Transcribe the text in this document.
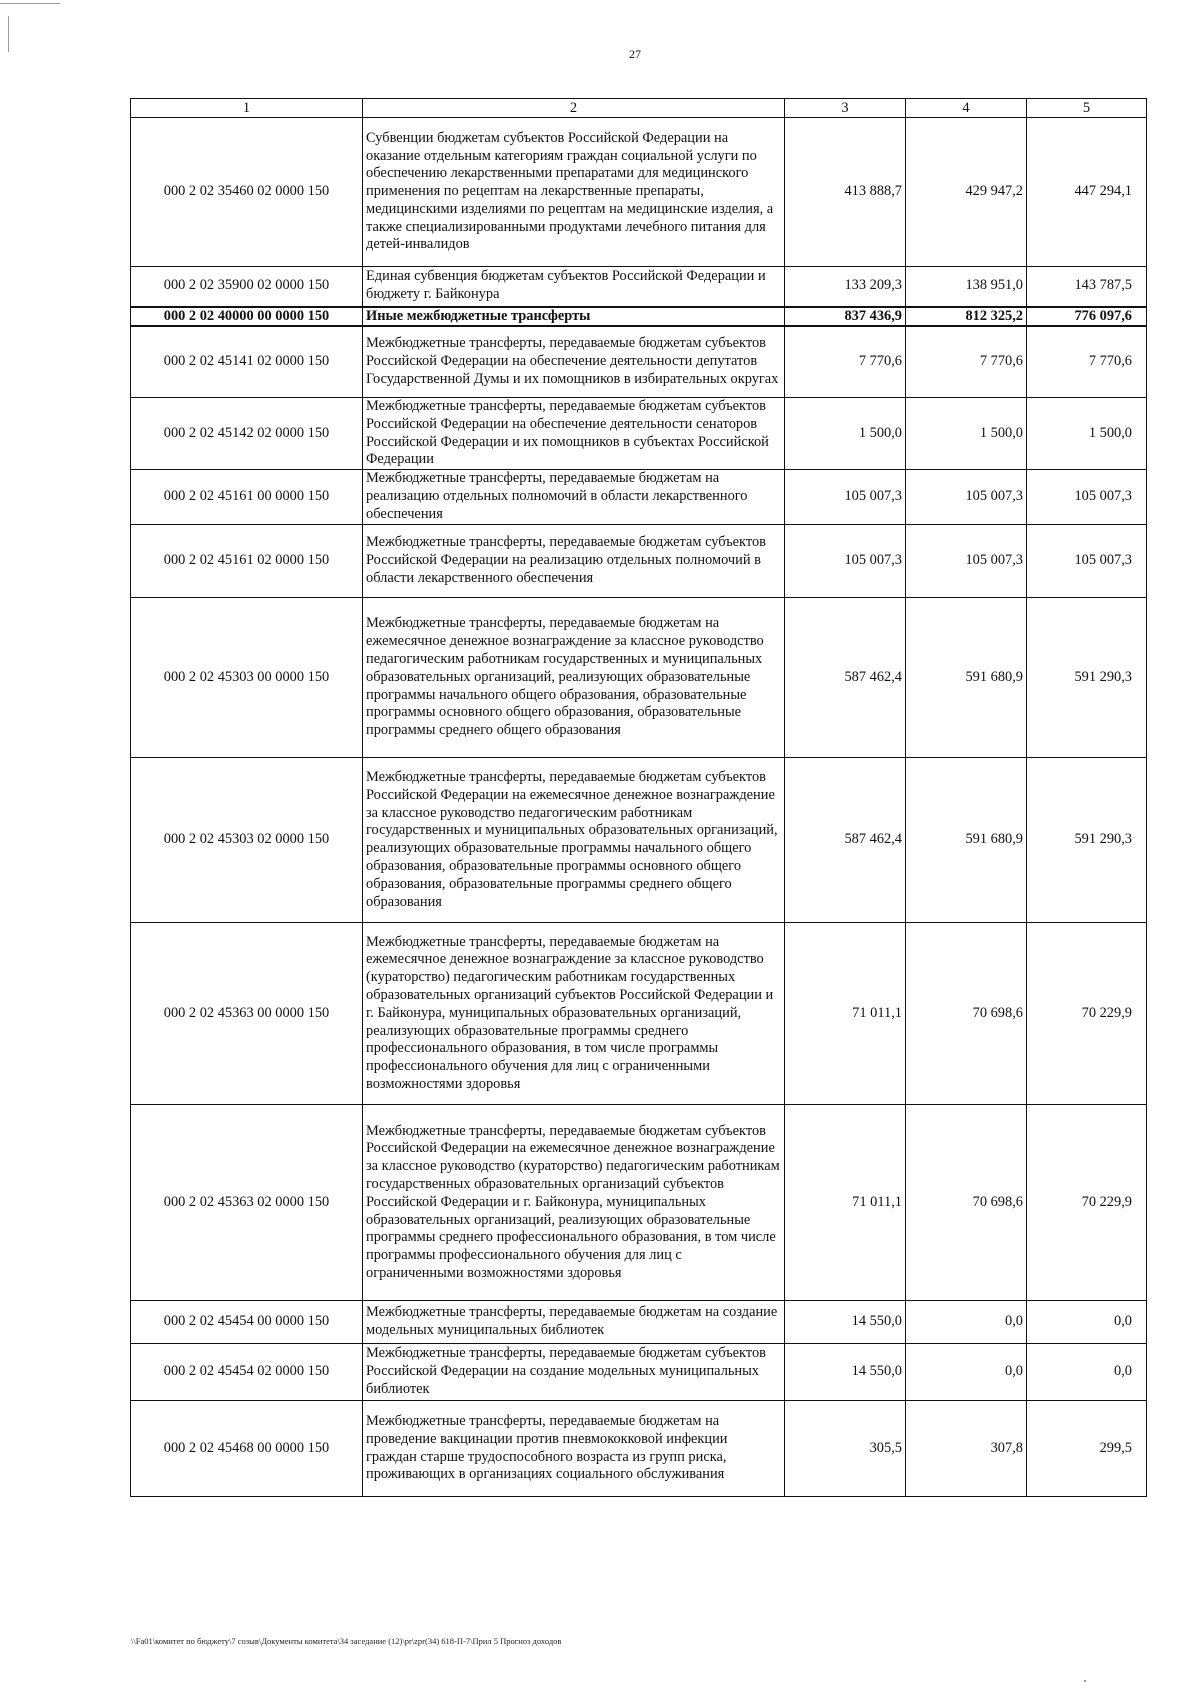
27
1	2	3	4	5
000 2 02 35460 02 0000 150	Субвенции бюджетам субъектов Российской Федерации на оказание отдельным категориям граждан социальной услуги по обеспечению лекарственными препаратами для медицинского применения по рецептам на лекарственные препараты, медицинскими изделиями по рецептам на медицинские изделия, а также специализированными продуктами лечебного питания для детей-инвалидов	413 888,7	429 947,2	447 294,1
000 2 02 35900 02 0000 150	Единая субвенция бюджетам субъектов Российской Федерации и бюджету г. Байконура	133 209,3	138 951,0	143 787,5
000 2 02 40000 00 0000 150	Иные межбюджетные трансферты	837 436,9	812 325,2	776 097,6
000 2 02 45141 02 0000 150	Межбюджетные трансферты, передаваемые бюджетам субъектов Российской Федерации на обеспечение деятельности депутатов Государственной Думы и их помощников в избирательных округах	7 770,6	7 770,6	7 770,6
000 2 02 45142 02 0000 150	Межбюджетные трансферты, передаваемые бюджетам субъектов Российской Федерации на обеспечение деятельности сенаторов Российской Федерации и их помощников в субъектах Российской Федерации	1 500,0	1 500,0	1 500,0
000 2 02 45161 00 0000 150	Межбюджетные трансферты, передаваемые бюджетам на реализацию отдельных полномочий в области лекарственного обеспечения	105 007,3	105 007,3	105 007,3
000 2 02 45161 02 0000 150	Межбюджетные трансферты, передаваемые бюджетам субъектов Российской Федерации на реализацию отдельных полномочий в области лекарственного обеспечения	105 007,3	105 007,3	105 007,3
000 2 02 45303 00 0000 150	Межбюджетные трансферты, передаваемые бюджетам на ежемесячное денежное вознаграждение за классное руководство педагогическим работникам государственных и муниципальных образовательных организаций, реализующих образовательные программы начального общего образования, образовательные программы основного общего образования, образовательные программы среднего общего образования	587 462,4	591 680,9	591 290,3
000 2 02 45303 02 0000 150	Межбюджетные трансферты, передаваемые бюджетам субъектов Российской Федерации на ежемесячное денежное вознаграждение за классное руководство педагогическим работникам государственных и муниципальных образовательных организаций, реализующих образовательные программы начального общего образования, образовательные программы основного общего образования, образовательные программы среднего общего образования	587 462,4	591 680,9	591 290,3
000 2 02 45363 00 0000 150	Межбюджетные трансферты, передаваемые бюджетам на ежемесячное денежное вознаграждение за классное руководство (кураторство) педагогическим работникам государственных образовательных организаций субъектов Российской Федерации и г. Байконура, муниципальных образовательных организаций, реализующих образовательные программы среднего профессионального образования, в том числе программы профессионального обучения для лиц с ограниченными возможностями здоровья	71 011,1	70 698,6	70 229,9
000 2 02 45363 02 0000 150	Межбюджетные трансферты, передаваемые бюджетам субъектов Российской Федерации на ежемесячное денежное вознаграждение за классное руководство (кураторство) педагогическим работникам государственных образовательных организаций субъектов Российской Федерации и г. Байконура, муниципальных образовательных организаций, реализующих образовательные программы среднего профессионального образования, в том числе программы профессионального обучения для лиц с ограниченными возможностями здоровья	71 011,1	70 698,6	70 229,9
000 2 02 45454 00 0000 150	Межбюджетные трансферты, передаваемые бюджетам на создание модельных муниципальных библиотек	14 550,0	0,0	0,0
000 2 02 45454 02 0000 150	Межбюджетные трансферты, передаваемые бюджетам субъектов Российской Федерации на создание модельных муниципальных библиотек	14 550,0	0,0	0,0
000 2 02 45468 00 0000 150	Межбюджетные трансферты, передаваемые бюджетам на проведение вакцинации против пневмококковой инфекции граждан старше трудоспособного возраста из групп риска, проживающих в организациях социального обслуживания	305,5	307,8	299,5
\\Fa01\комитет по бюджету\7 созыв\Документы комитета\34 заседание (12)\pr\zpr(34) 618-П-7\Прил 5 Прогноз доходов
